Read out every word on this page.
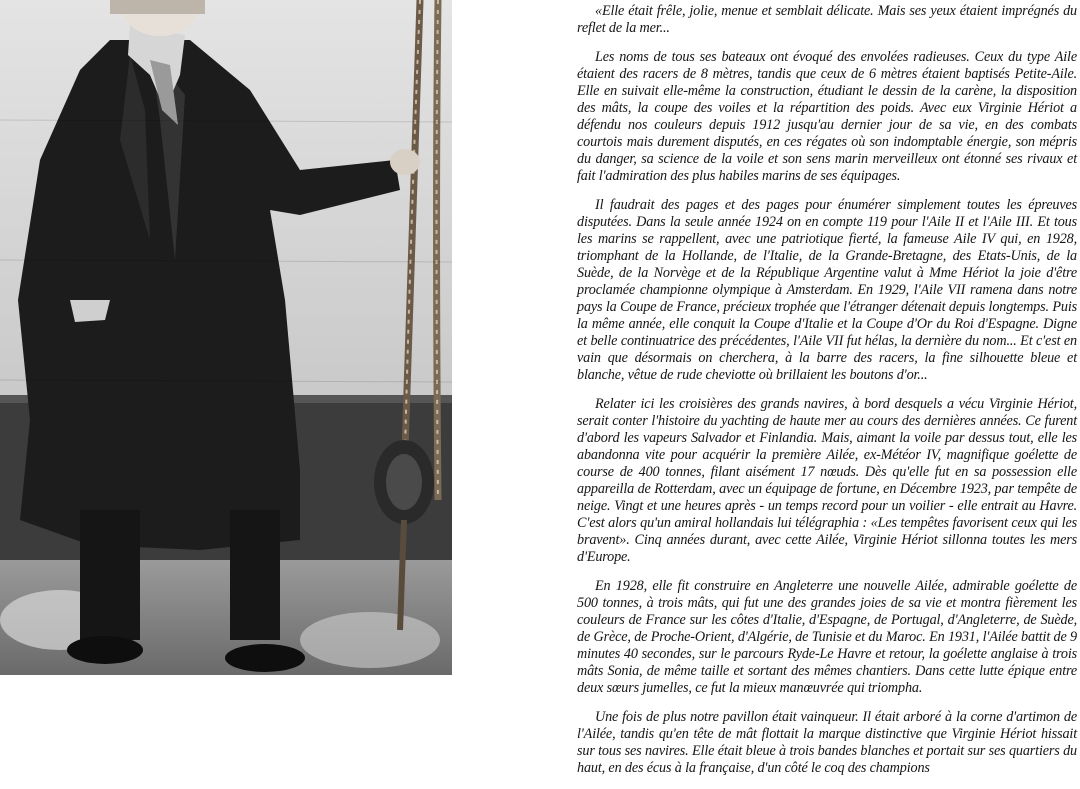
«Elle était frêle, jolie, menue et semblait délicate. Mais ses yeux étaient imprégnés du reflet de la mer...

Les noms de tous ses bateaux ont évoqué des envolées radieuses. Ceux du type Aile étaient des racers de 8 mètres, tandis que ceux de 6 mètres étaient baptisés Petite-Aile. Elle en suivait elle-même la construction, étudiant le dessin de la carène, la disposition des mâts, la coupe des voiles et la répartition des poids. Avec eux Virginie Hériot a défendu nos couleurs depuis 1912 jusqu'au dernier jour de sa vie, en des combats courtois mais durement disputés, en ces régates où son indomptable énergie, son mépris du danger, sa science de la voile et son sens marin merveilleux ont étonné ses rivaux et fait l'admiration des plus habiles marins de ses équipages.

Il faudrait des pages et des pages pour énumérer simplement toutes les épreuves disputées. Dans la seule année 1924 on en compte 119 pour l'Aile II et l'Aile III. Et tous les marins se rappellent, avec une patriotique fierté, la fameuse Aile IV qui, en 1928, triomphant de la Hollande, de l'Italie, de la Grande-Bretagne, des Etats-Unis, de la Suède, de la Norvège et de la République Argentine valut à Mme Hériot la joie d'être proclamée championne olympique à Amsterdam. En 1929, l'Aile VII ramena dans notre pays la Coupe de France, précieux trophée que l'étranger détenait depuis longtemps. Puis la même année, elle conquit la Coupe d'Italie et la Coupe d'Or du Roi d'Espagne. Digne et belle continuatrice des précédentes, l'Aile VII fut hélas, la dernière du nom... Et c'est en vain que désormais on cherchera, à la barre des racers, la fine silhouette bleue et blanche, vêtue de rude cheviotte où brillaient les boutons d'or...

Relater ici les croisières des grands navires, à bord desquels a vécu Virginie Hériot, serait conter l'histoire du yachting de haute mer au cours des dernières années. Ce furent d'abord les vapeurs Salvador et Finlandia. Mais, aimant la voile par dessus tout, elle les abandonna vite pour acquérir la première Ailée, ex-Météor IV, magnifique goélette de course de 400 tonnes, filant aisément 17 nœuds. Dès qu'elle fut en sa possession elle appareilla de Rotterdam, avec un équipage de fortune, en Décembre 1923, par tempête de neige. Vingt et une heures après - un temps record pour un voilier - elle entrait au Havre. C'est alors qu'un amiral hollandais lui télégraphia : «Les tempêtes favorisent ceux qui les bravent». Cinq années durant, avec cette Ailée, Virginie Hériot sillonna toutes les mers d'Europe.

En 1928, elle fit construire en Angleterre une nouvelle Ailée, admirable goélette de 500 tonnes, à trois mâts, qui fut une des grandes joies de sa vie et montra fièrement les couleurs de France sur les côtes d'Italie, d'Espagne, de Portugal, d'Angleterre, de Suède, de Grèce, de Proche-Orient, d'Algérie, de Tunisie et du Maroc. En 1931, l'Ailée battit de 9 minutes 40 secondes, sur le parcours Ryde-Le Havre et retour, la goélette anglaise à trois mâts Sonia, de même taille et sortant des mêmes chantiers. Dans cette lutte épique entre deux sœurs jumelles, ce fut la mieux manœuvrée qui triompha.

Une fois de plus notre pavillon était vainqueur. Il était arboré à la corne d'artimon de l'Ailée, tandis qu'en tête de mât flottait la marque distinctive que Virginie Hériot hissait sur tous ses navires. Elle était bleue à trois bandes blanches et portait sur ses quartiers du haut, en des écus à la française, d'un côté le coq des champions
